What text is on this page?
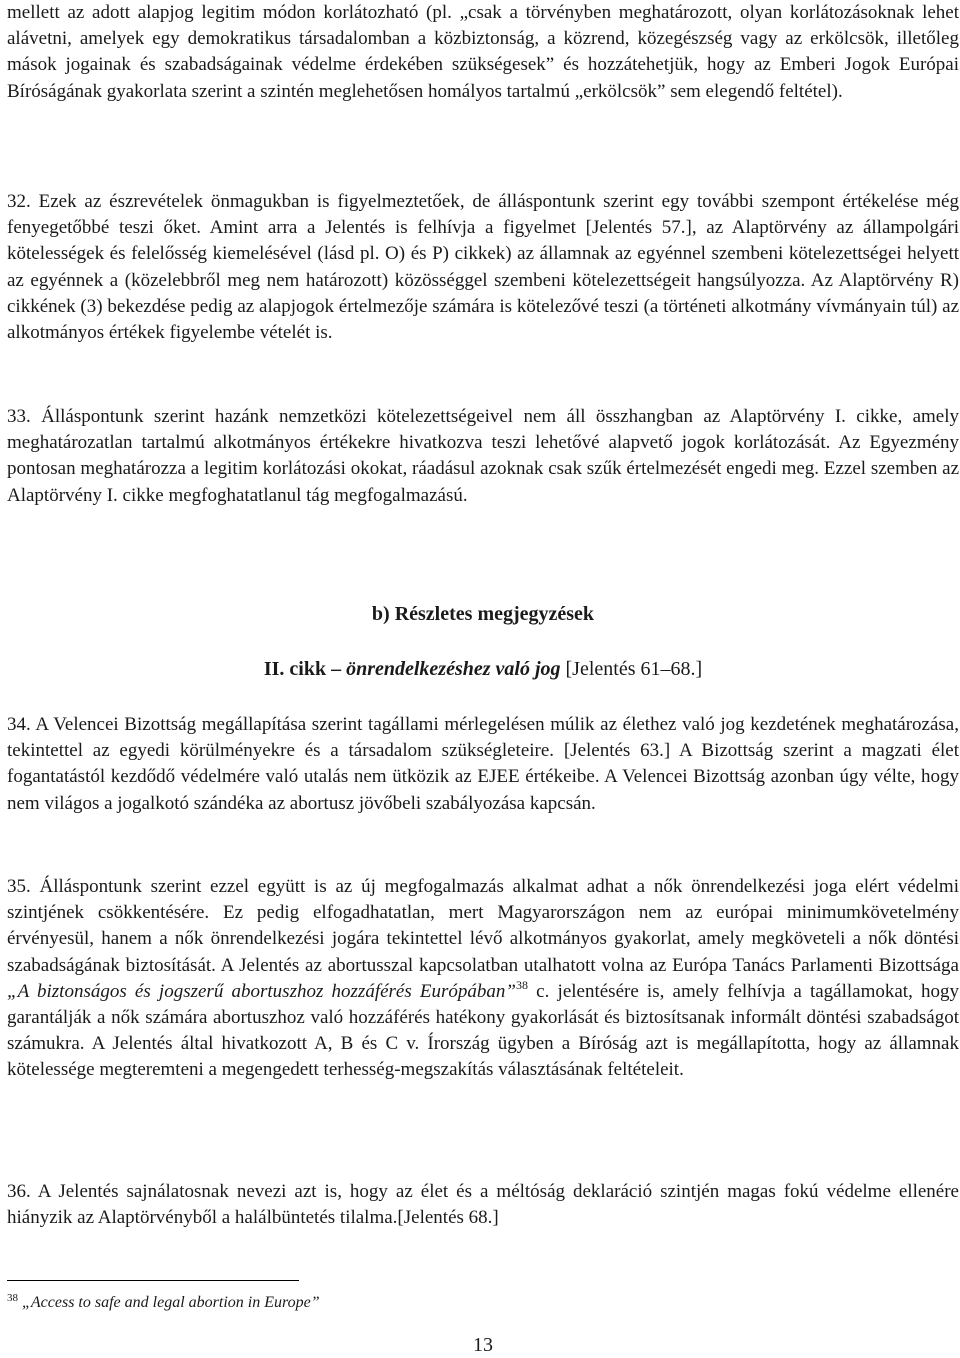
mellett az adott alapjog legitim módon korlátozható (pl. „csak a törvényben meghatározott, olyan korlátozásoknak lehet alávetni, amelyek egy demokratikus társadalomban a közbiztonság, a közrend, közegészség vagy az erkölcsök, illetőleg mások jogainak és szabadságainak védelme érdekében szükségesek” és hozzátehetjük, hogy az Emberi Jogok Európai Bíróságának gyakorlata szerint a szintén meglehetősen homályos tartalmú „erkölcsök” sem elegendő feltétel).

32. Ezek az észrevételek önmagukban is figyelmeztetőek, de álláspontunk szerint egy további szempont értékelése még fenyegetőbbé teszi őket. Amint arra a Jelentés is felhívja a figyelmet [Jelentés 57.], az Alaptörvény az állampolgári kötelességek és felelősség kiemelésével (lásd pl. O) és P) cikkek) az államnak az egyénnel szembeni kötelezettségei helyett az egyénnek a (közelebbről meg nem határozott) közösséggel szembeni kötelezettségeit hangsúlyozza. Az Alaptörvény R) cikkének (3) bekezdése pedig az alapjogok értelmezője számára is kötelezővé teszi (a történeti alkotmány vívmányain túl) az alkotmányos értékek figyelembe vételét is.

33. Álláspontunk szerint hazánk nemzetközi kötelezettségeivel nem áll összhangban az Alaptörvény I. cikke, amely meghatározatlan tartalmú alkotmányos értékekre hivatkozva teszi lehetővé alapvető jogok korlátozását. Az Egyezmény pontosan meghatározza a legitim korlátozási okokat, ráadásul azoknak csak szűk értelmezését engedi meg. Ezzel szemben az Alaptörvény I. cikke megfoghatatlanul tág megfogalmazású.

b) Részletes megjegyzések

II. cikk – önrendelkezéshez való jog [Jelentés 61–68.]

34. A Velencei Bizottság megállapítása szerint tagállami mérlegelésen múlik az élethez való jog kezdetének meghatározása, tekintettel az egyedi körülményekre és a társadalom szükségleteire. [Jelentés 63.] A Bizottság szerint a magzati élet fogantatástól kezdődő védelmére való utalás nem ütközik az EJEE értékeibe. A Velencei Bizottság azonban úgy vélte, hogy nem világos a jogalkotó szándéka az abortusz jövőbeli szabályozása kapcsán.

35. Álláspontunk szerint ezzel együtt is az új megfogalmazás alkalmat adhat a nők önrendelkezési joga elért védelmi szintjének csökkentésére. Ez pedig elfogadhatatlan, mert Magyarországon nem az európai minimumkövetelmény érvényesül, hanem a nők önrendelkezési jogára tekintettel lévő alkotmányos gyakorlat, amely megköveteli a nők döntési szabadságának biztosítását. A Jelentés az abortusszal kapcsolatban utalhatott volna az Európa Tanács Parlamenti Bizottsága „A biztonságos és jogszerű abortuszhoz hozzáférés Európában”$^{38}$ c. jelentésére is, amely felhívja a tagállamokat, hogy garantálják a nők számára abortuszhoz való hozzáférés hatékony gyakorlását és biztosítsanak informált döntési szabadságot számukra. A Jelentés által hivatkozott A, B és C v. Írország ügyben a Bíróság azt is megállapította, hogy az államnak kötelessége megteremteni a megengedett terhesség-megszakítás választásának feltételeit.

36. A Jelentés sajnálatosnak nevezi azt is, hogy az élet és a méltóság deklaráció szintjén magas fokú védelme ellenére hiányzik az Alaptörvényből a halálbüntetés tilalma.[Jelentés 68.]

$^{38}$ „Access to safe and legal abortion in Europe”
13
